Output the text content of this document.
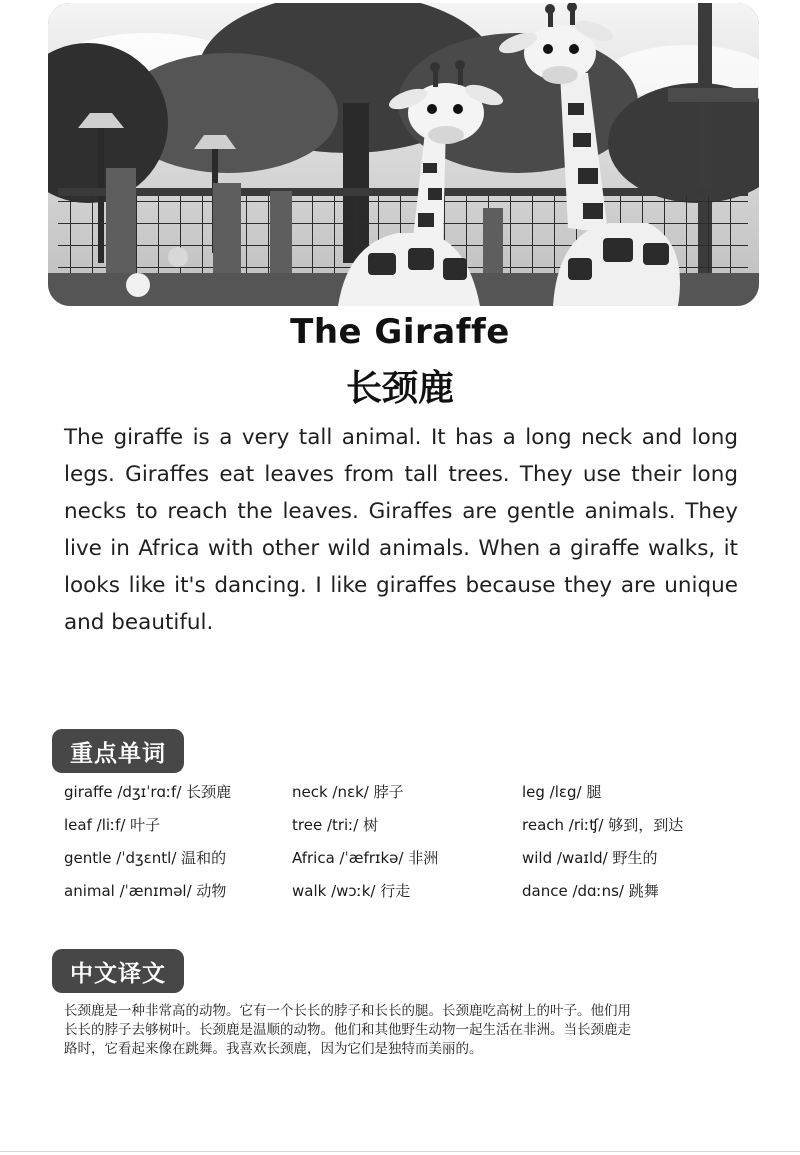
The Giraffe
长颈鹿

The giraffe is a very tall animal. It has a long neck and long legs. Giraffes eat leaves from tall trees. They use their long necks to reach the leaves. Giraffes are gentle animals. They live in Africa with other wild animals. When a giraffe walks, it looks like it's dancing. I like giraffes because they are unique and beautiful.

重点单词
giraffe /dʒɪˈrɑːf/ 长颈鹿	neck /nɛk/ 脖子	leg /lɛg/ 腿
leaf /liːf/ 叶子	tree /triː/ 树	reach /riːʧ/ 够到，到达
gentle /ˈdʒɛntl/ 温和的	Africa /ˈæfrɪkə/ 非洲	wild /waɪld/ 野生的
animal /ˈænɪməl/ 动物	walk /wɔːk/ 行走	dance /dɑːns/ 跳舞
中文译文

长颈鹿是一种非常高的动物。它有一个长长的脖子和长长的腿。长颈鹿吃高树上的叶子。他们用长长的脖子去够树叶。长颈鹿是温顺的动物。他们和其他野生动物一起生活在非洲。当长颈鹿走路时，它看起来像在跳舞。我喜欢长颈鹿，因为它们是独特而美丽的。
